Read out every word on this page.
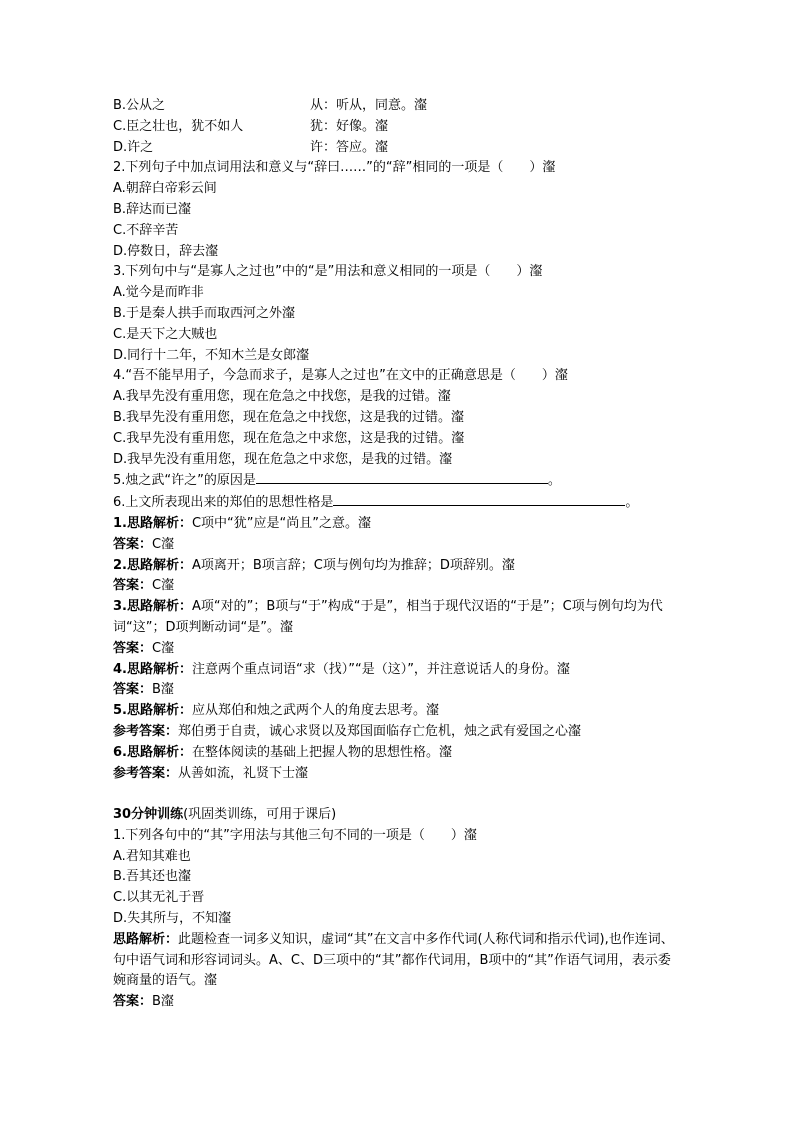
B.公从之	从：听从，同意。瀣
C.臣之壮也，犹不如人	犹：好像。瀣
D.许之	许：答应。瀣
2.下列句子中加点词用法和意义与“辞曰……”的“辞”相同的一项是（　　）瀣
A.朝辞白帝彩云间
B.辞达而已瀣
C.不辞辛苦
D.停数日，辞去瀣
3.下列句中与“是寡人之过也”中的“是”用法和意义相同的一项是（　　）瀣
A.觉今是而昨非
B.于是秦人拱手而取西河之外瀣
C.是天下之大贼也
D.同行十二年，不知木兰是女郎瀣
4.“吾不能早用子，今急而求子，是寡人之过也”在文中的正确意思是（　　）瀣
A.我早先没有重用您，现在危急之中找您，是我的过错。瀣
B.我早先没有重用您，现在危急之中找您，这是我的过错。瀣
C.我早先没有重用您，现在危急之中求您，这是我的过错。瀣
D.我早先没有重用您，现在危急之中求您，是我的过错。瀣
5.烛之武“许之”的原因是	。
6.上文所表现出来的郑伯的思想性格是	。
1.思路解析：C项中“犹”应是“尚且”之意。瀣
答案：C瀣
2.思路解析：A项离开；B项言辞；C项与例句均为推辞；D项辞别。瀣
答案：C瀣
3.思路解析：A项“对的”；B项与“于”构成“于是”，相当于现代汉语的“于是”；C项与例句均为代词“这”；D项判断动词“是”。瀣
答案：C瀣
4.思路解析：注意两个重点词语“求（找）”“是（这）”，并注意说话人的身份。瀣
答案：B瀣
5.思路解析：应从郑伯和烛之武两个人的角度去思考。瀣
参考答案：郑伯勇于自责，诚心求贤以及郑国面临存亡危机，烛之武有爱国之心瀣
6.思路解析：在整体阅读的基础上把握人物的思想性格。瀣
参考答案：从善如流，礼贤下士瀣
30分钟训练(巩固类训练，可用于课后)
1.下列各句中的“其”字用法与其他三句不同的一项是（　　）瀣
A.君知其难也
B.吾其还也瀣
C.以其无礼于晋
D.失其所与，不知瀣
思路解析：此题检查一词多义知识，虚词“其”在文言中多作代词(人称代词和指示代词),也作连词、句中语气词和形容词词头。A、C、D三项中的“其”都作代词用，B项中的“其”作语气词用，表示委婉商量的语气。瀣
答案：B瀣
